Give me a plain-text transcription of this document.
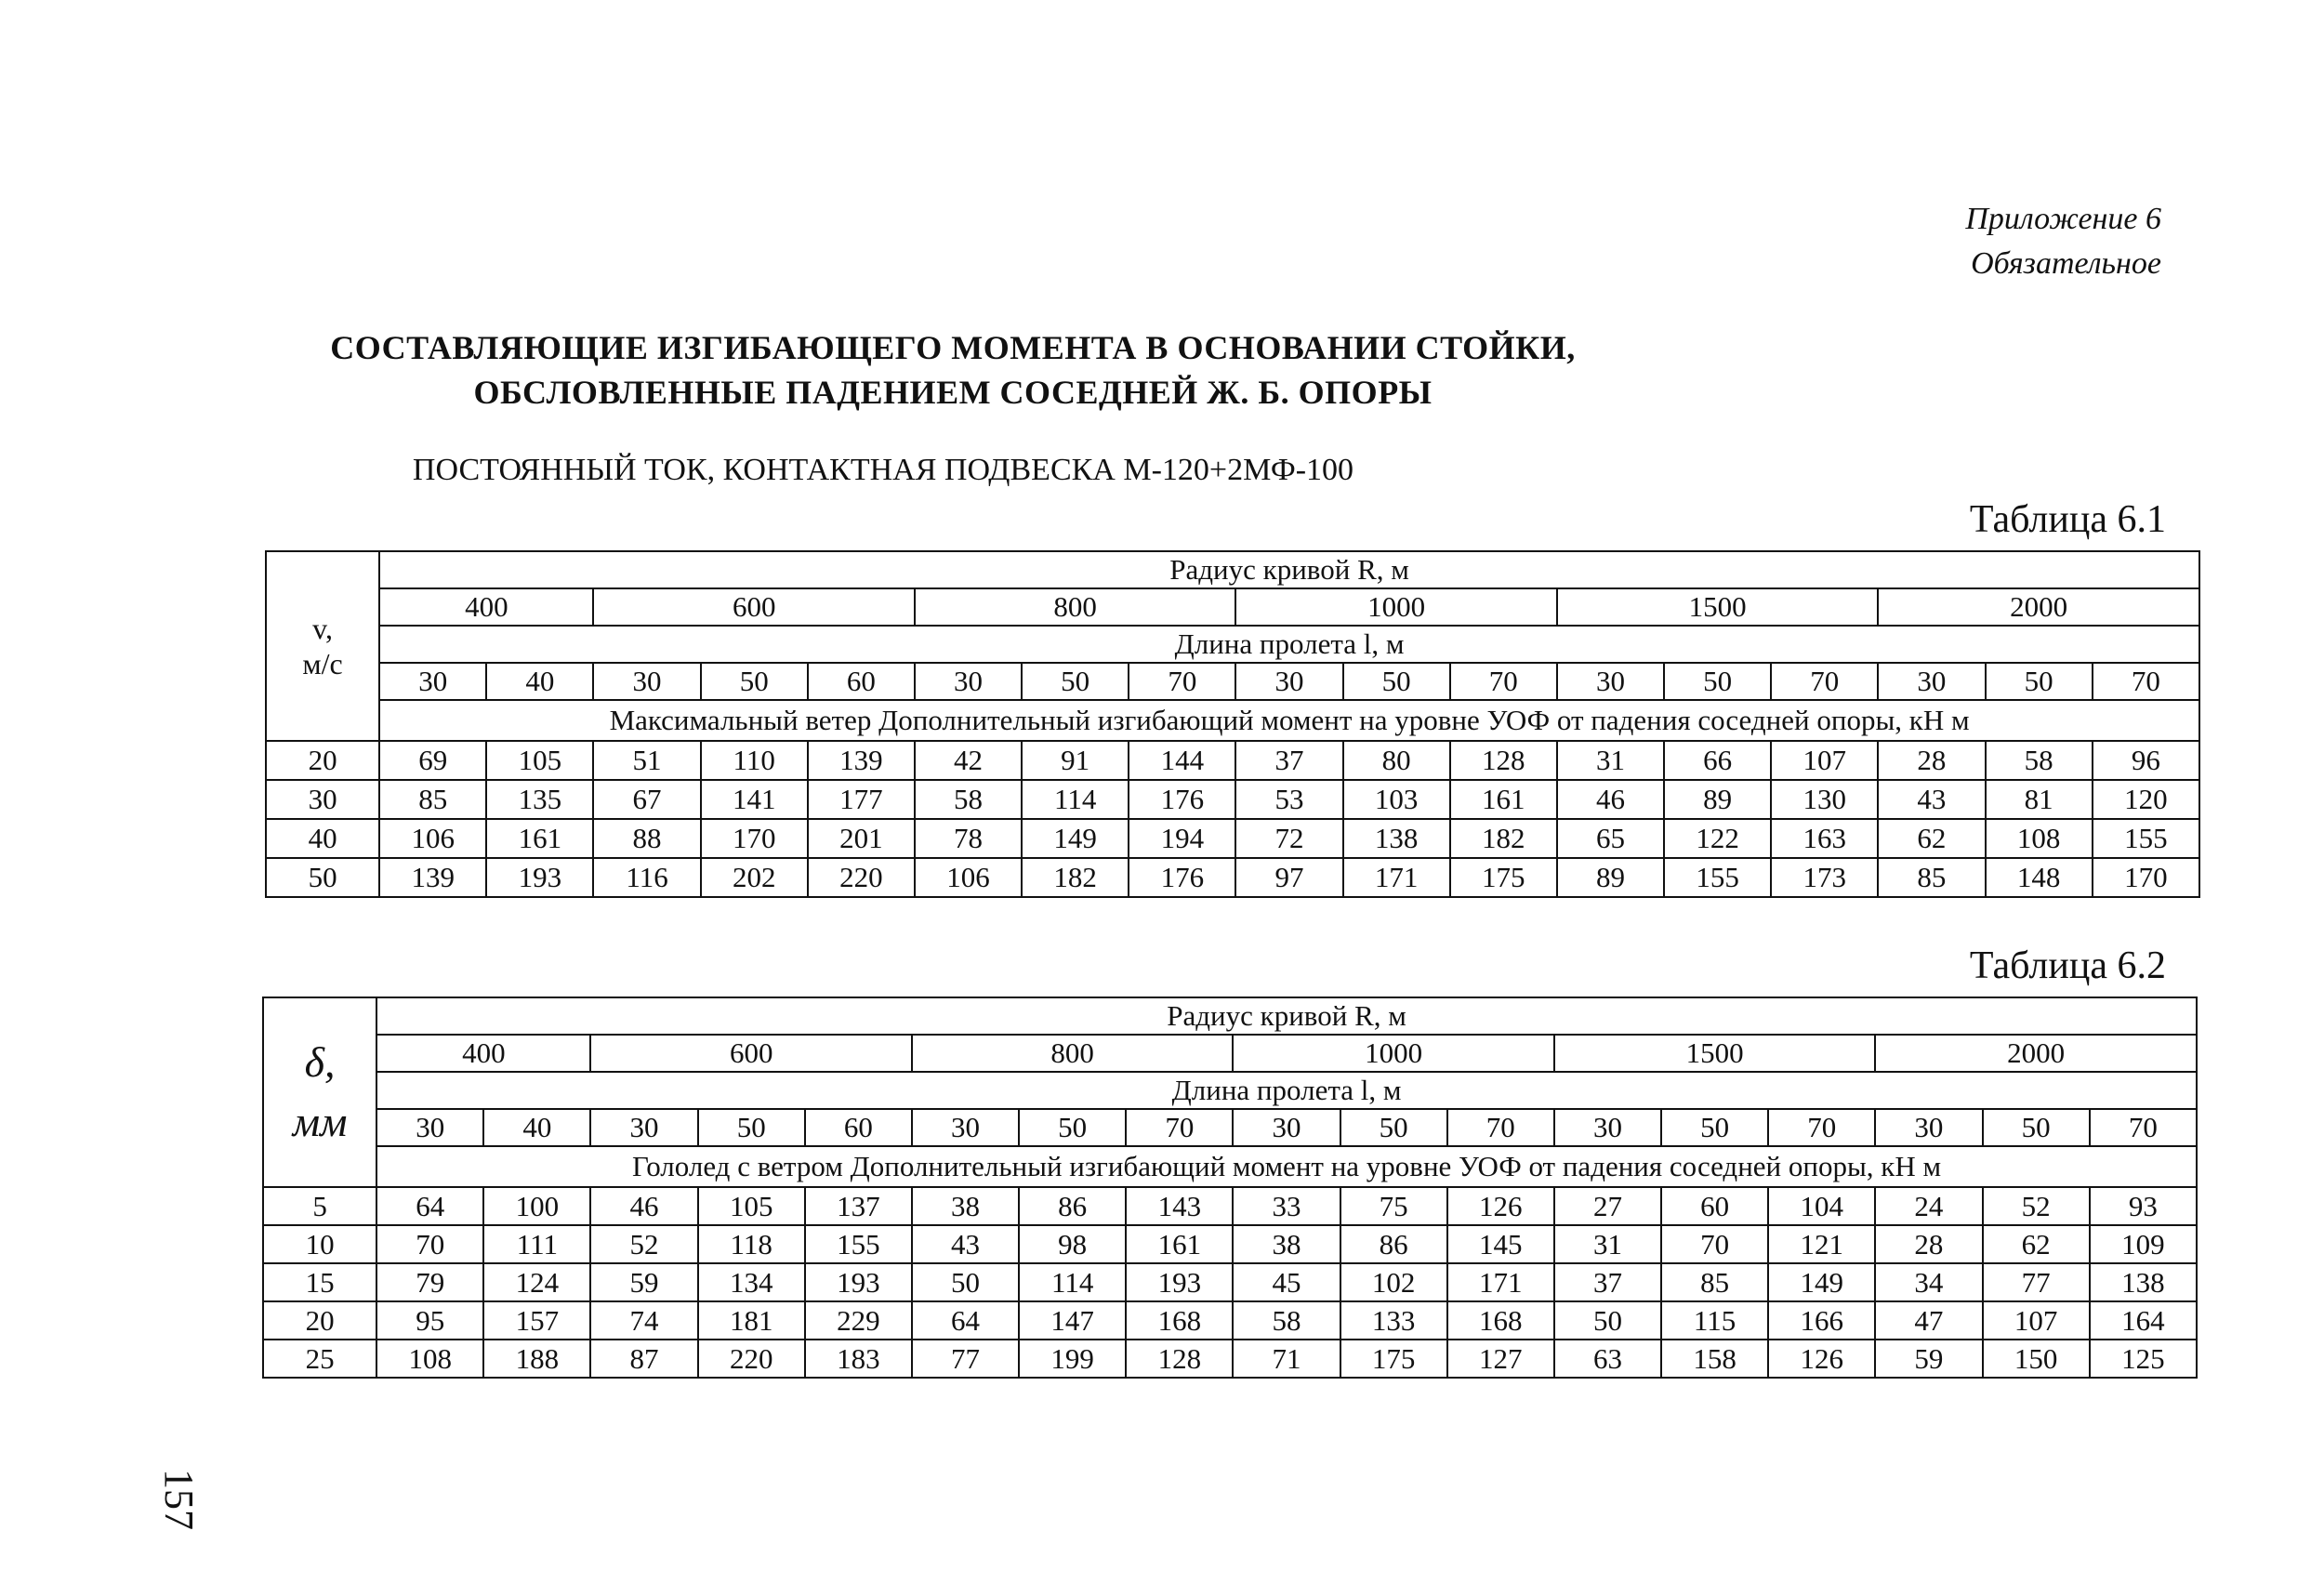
Приложение 6
Обязательное
СОСТАВЛЯЮЩИЕ ИЗГИБАЮЩЕГО МОМЕНТА В ОСНОВАНИИ СТОЙКИ,
ОБСЛОВЛЕННЫЕ ПАДЕНИЕМ СОСЕДНЕЙ Ж. Б. ОПОРЫ
ПОСТОЯННЫЙ ТОК, КОНТАКТНАЯ ПОДВЕСКА М-120+2МФ-100
Таблица 6.1
v,
м/с	Радиус кривой R, м																
	400		600			800			1000			1500			2000		
	Длина пролета l, м																
	30	40	30	50	60	30	50	70	30	50	70	30	50	70	30	50	70
	Максимальный ветер Дополнительный изгибающий момент на уровне УОФ от падения соседней опоры, кН м																
20	69	105	51	110	139	42	91	144	37	80	128	31	66	107	28	58	96
30	85	135	67	141	177	58	114	176	53	103	161	46	89	130	43	81	120
40	106	161	88	170	201	78	149	194	72	138	182	65	122	163	62	108	155
50	139	193	116	202	220	106	182	176	97	171	175	89	155	173	85	148	170
Таблица 6.2
δ,
мм	Радиус кривой R, м																
	400		600			800			1000			1500			2000		
	Длина пролета l, м																
	30	40	30	50	60	30	50	70	30	50	70	30	50	70	30	50	70
	Гололед с ветром Дополнительный изгибающий момент на уровне УОФ от падения соседней опоры, кН м																
5	64	100	46	105	137	38	86	143	33	75	126	27	60	104	24	52	93
10	70	111	52	118	155	43	98	161	38	86	145	31	70	121	28	62	109
15	79	124	59	134	193	50	114	193	45	102	171	37	85	149	34	77	138
20	95	157	74	181	229	64	147	168	58	133	168	50	115	166	47	107	164
25	108	188	87	220	183	77	199	128	71	175	127	63	158	126	59	150	125
157
